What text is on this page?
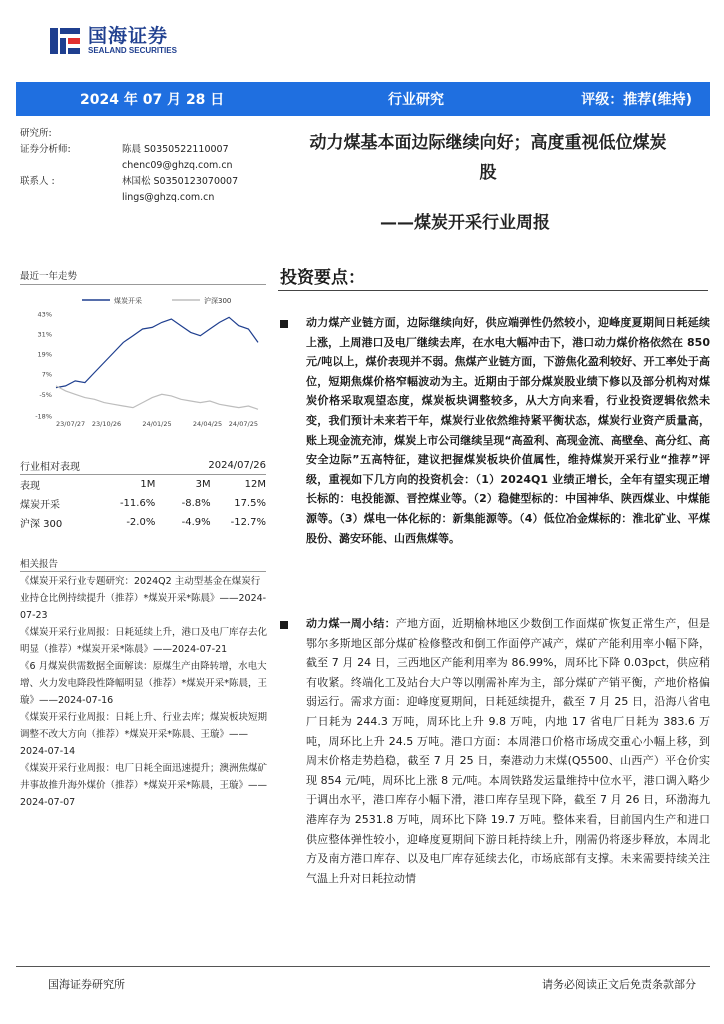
国海证券
SEALAND SECURITIES
2024 年 07 月 28 日	行业研究	评级：推荐(维持)
研究所:
证券分析师:	陈晨 S0350522110007
chenc09@ghzq.com.cn
联系人 :	林国松 S0350123070007
lings@ghzq.com.cn
动力煤基本面边际继续向好；高度重视低位煤炭
股
——煤炭开采行业周报
最近一年走势
煤炭开采	沪深300
43%
31%
19%
7%
-5%
-18%
23/07/27 23/10/26	24/01/25	24/04/25 24/07/25
行业相对表现	2024/07/26
表现	1M	3M	12M
煤炭开采	-11.6%	-8.8%	17.5%
沪深 300	-2.0%	-4.9%	-12.7%
相关报告
《煤炭开采行业专题研究：2024Q2 主动型基金在煤炭行业持仓比例持续提升（推荐）*煤炭开采*陈晨》——2024-07-23
《煤炭开采行业周报：日耗延续上升，港口及电厂库存去化明显（推荐）*煤炭开采*陈晨》——2024-07-21
《6 月煤炭供需数据全面解读：原煤生产由降转增，水电大增、火力发电降段性降幅明显（推荐）*煤炭开采*陈晨，王璇》——2024-07-16
《煤炭开采行业周报：日耗上升、行业去库；煤炭板块短期调整不改大方向（推荐）*煤炭开采*陈晨、王璇》——2024-07-14
《煤炭开采行业周报：电厂日耗全面迅速提升；澳洲焦煤矿井事故推升海外煤价（推荐）*煤炭开采*陈晨，王璇》——2024-07-07
投资要点：
动力煤产业链方面，边际继续向好，供应端弹性仍然较小，迎峰度夏期间日耗延续上涨，上周港口及电厂继续去库，在水电大幅冲击下，港口动力煤价格依然在 850 元/吨以上，煤价表现并不弱。焦煤产业链方面，下游焦化盈利较好、开工率处于高位，短期焦煤价格窄幅波动为主。近期由于部分煤炭股业绩下修以及部分机构对煤炭价格采取观望态度，煤炭板块调整较多，从大方向来看，行业投资逻辑依然未变，我们预计未来若干年，煤炭行业依然维持紧平衡状态，煤炭行业资产质量高，账上现金流充沛，煤炭上市公司继续呈现“高盈利、高现金流、高壁垒、高分红、高安全边际”五高特征，建议把握煤炭板块价值属性，维持煤炭开采行业“推荐”评级，重视如下几方向的投资机会：（1）2024Q1 业绩正增长，全年有望实现正增长标的：电投能源、晋控煤业等。（2）稳健型标的：中国神华、陕西煤业、中煤能源等。（3）煤电一体化标的：新集能源等。（4）低位冶金煤标的：淮北矿业、平煤股份、潞安环能、山西焦煤等。
动力煤一周小结：产地方面，近期榆林地区少数倒工作面煤矿恢复正常生产，但是鄂尔多斯地区部分煤矿检修整改和倒工作面停产减产，煤矿产能利用率小幅下降，截至 7 月 24 日，三西地区产能利用率为 86.99%，周环比下降 0.03pct，供应稍有收紧。终端化工及站台大户等以刚需补库为主，部分煤矿产销平衡，产地价格偏弱运行。需求方面：迎峰度夏期间，日耗延续提升，截至 7 月 25 日，沿海八省电厂日耗为 244.3 万吨，周环比上升 9.8 万吨，内地 17 省电厂日耗为 383.6 万吨，周环比上升 24.5 万吨。港口方面：本周港口价格市场成交重心小幅上移，到周末价格走势趋稳，截至 7 月 25 日，秦港动力末煤(Q5500、山西产）平仓价实现 854 元/吨，周环比上涨 8 元/吨。本周铁路发运量维持中位水平，港口调入略少于调出水平，港口库存小幅下滑，港口库存呈现下降，截至 7 月 26 日，环渤海九港库存为 2531.8 万吨，周环比下降 19.7 万吨。整体来看，目前国内生产和进口供应整体弹性较小，迎峰度夏期间下游日耗持续上升，刚需仍将逐步释放，本周北方及南方港口库存、以及电厂库存延续去化，市场底部有支撑。未来需要持续关注气温上升对日耗拉动情
国海证券研究所	请务必阅读正文后免责条款部分
